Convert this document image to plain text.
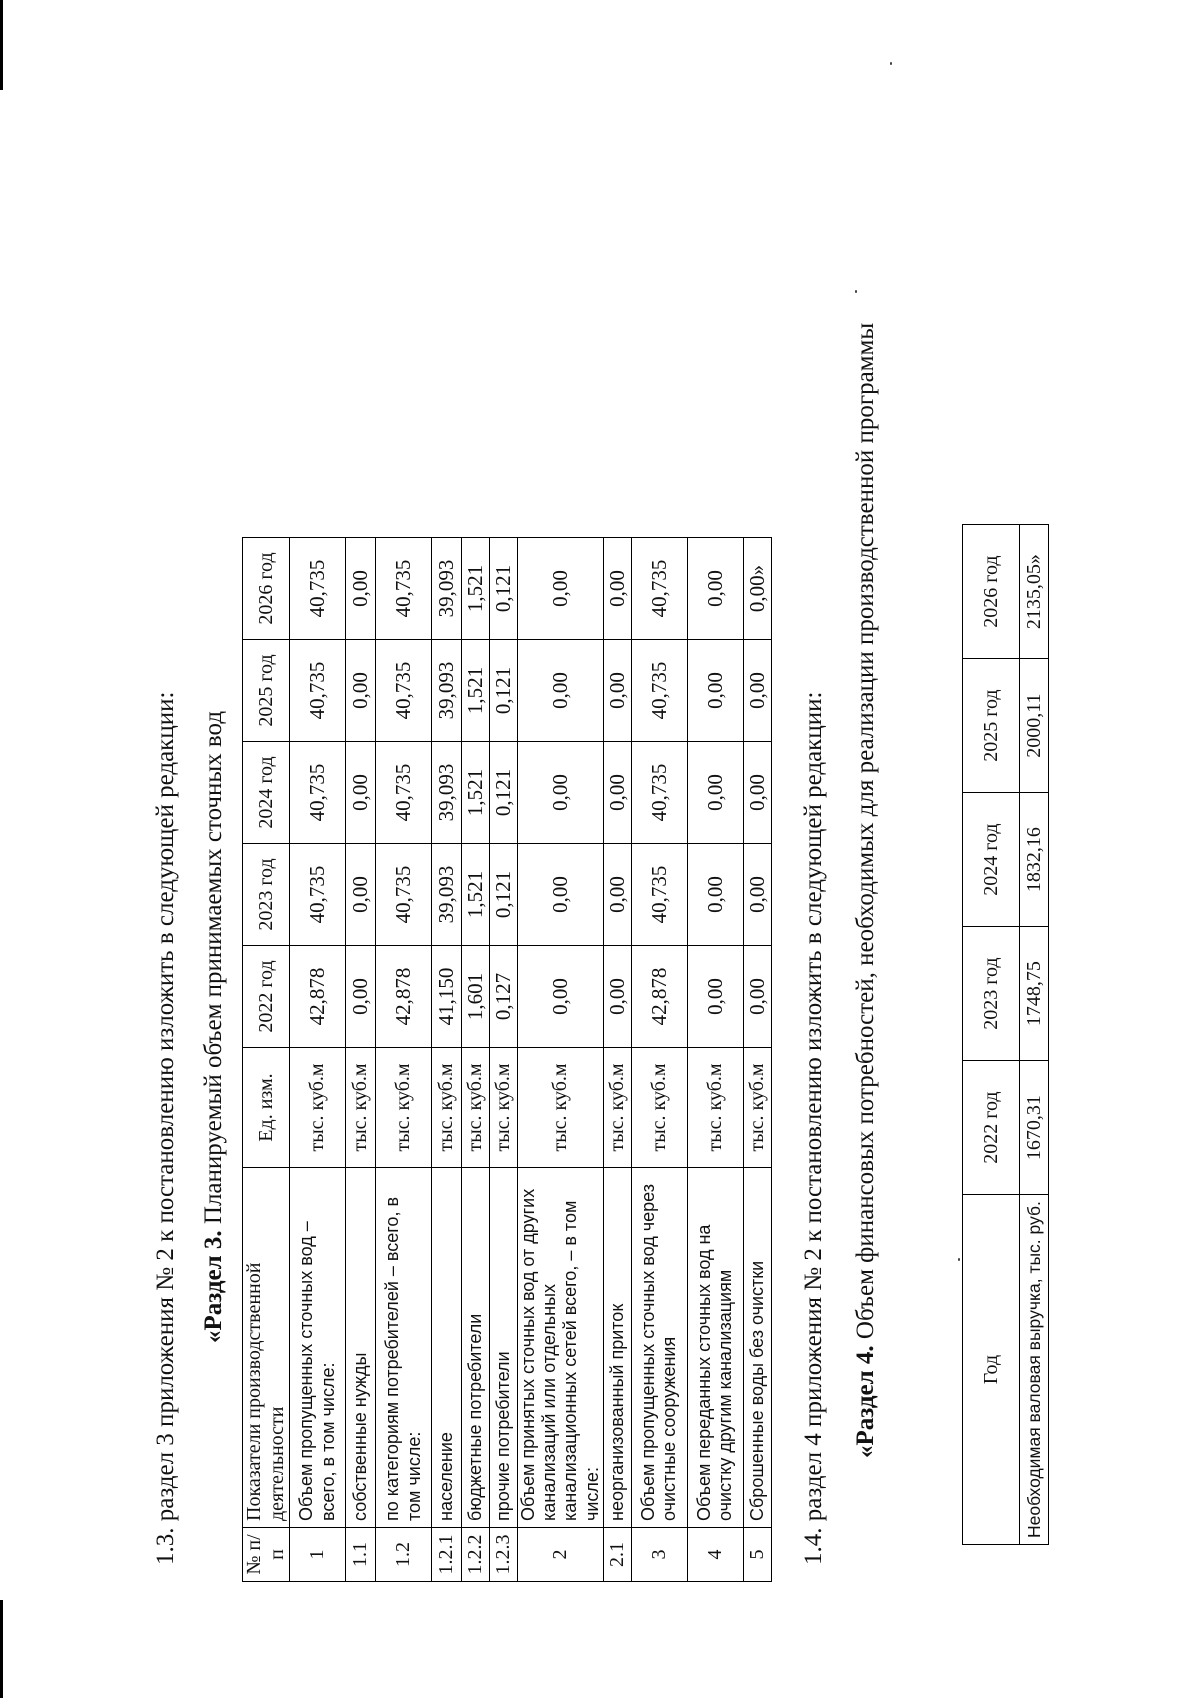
1.3. раздел 3 приложения № 2 к постановлению изложить в следующей редакции: «Раздел 3. Планируемый объем принимаемых сточных вод
№ п/п	Показатели производственной деятельности	Ед. изм.	2022 год	2023 год	2024 год	2025 год	2026 год
1	Объем пропущенных сточных вод – всего, в том числе:	тыс. куб.м	42,878	40,735	40,735	40,735	40,735
1.1	собственные нужды	тыс. куб.м	0,00	0,00	0,00	0,00	0,00
1.2	по категориям потребителей – всего, в том числе:	тыс. куб.м	42,878	40,735	40,735	40,735	40,735
1.2.1	население	тыс. куб.м	41,150	39,093	39,093	39,093	39,093
1.2.2	бюджетные потребители	тыс. куб.м	1,601	1,521	1,521	1,521	1,521
1.2.3	прочие потребители	тыс. куб.м	0,127	0,121	0,121	0,121	0,121
2	Объем принятых сточных вод от других канализаций или отдельных канализационных сетей всего, – в том числе:	тыс. куб.м	0,00	0,00	0,00	0,00	0,00
2.1	неорганизованный приток	тыс. куб.м	0,00	0,00	0,00	0,00	0,00
3	Объем пропущенных сточных вод через очистные сооружения	тыс. куб.м	42,878	40,735	40,735	40,735	40,735
4	Объем переданных сточных вод на очистку другим канализациям	тыс. куб.м	0,00	0,00	0,00	0,00	0,00
5	Сброшенные воды без очистки	тыс. куб.м	0,00	0,00	0,00	0,00	0,00»
1.4. раздел 4 приложения № 2 к постановлению изложить в следующей редакции: «Раздел 4. Объем финансовых потребностей, необходимых для реализации производственной программы
Год	2022 год	2023 год	2024 год	2025 год	2026 год
Необходимая валовая выручка, тыс. руб.	1670,31	1748,75	1832,16	2000,11	2135,05»
